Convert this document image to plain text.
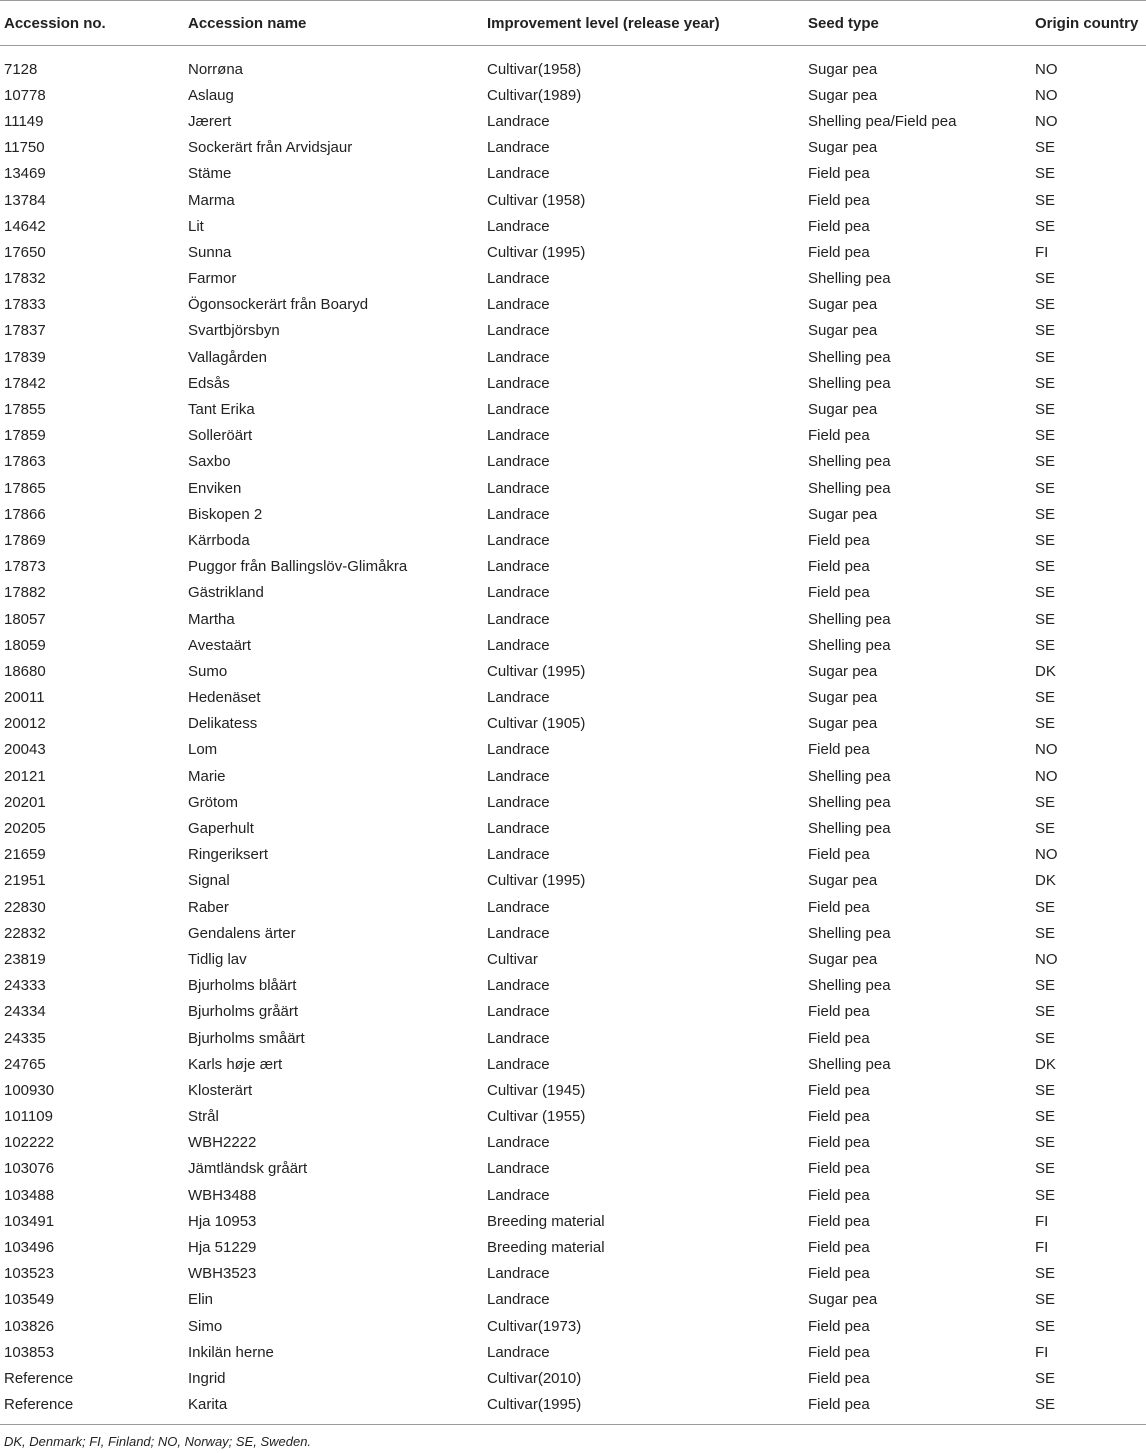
Accession no.	Accession name	Improvement level (release year)	Seed type	Origin country
7128	Norrøna	Cultivar(1958)	Sugar pea	NO
10778	Aslaug	Cultivar(1989)	Sugar pea	NO
11149	Jærert	Landrace	Shelling pea/Field pea	NO
11750	Sockerärt från Arvidsjaur	Landrace	Sugar pea	SE
13469	Stäme	Landrace	Field pea	SE
13784	Marma	Cultivar (1958)	Field pea	SE
14642	Lit	Landrace	Field pea	SE
17650	Sunna	Cultivar (1995)	Field pea	FI
17832	Farmor	Landrace	Shelling pea	SE
17833	Ögonsockerärt från Boaryd	Landrace	Sugar pea	SE
17837	Svartbjörsbyn	Landrace	Sugar pea	SE
17839	Vallagården	Landrace	Shelling pea	SE
17842	Edsås	Landrace	Shelling pea	SE
17855	Tant Erika	Landrace	Sugar pea	SE
17859	Solleröärt	Landrace	Field pea	SE
17863	Saxbo	Landrace	Shelling pea	SE
17865	Enviken	Landrace	Shelling pea	SE
17866	Biskopen 2	Landrace	Sugar pea	SE
17869	Kärrboda	Landrace	Field pea	SE
17873	Puggor från Ballingslöv-Glimåkra	Landrace	Field pea	SE
17882	Gästrikland	Landrace	Field pea	SE
18057	Martha	Landrace	Shelling pea	SE
18059	Avestaärt	Landrace	Shelling pea	SE
18680	Sumo	Cultivar (1995)	Sugar pea	DK
20011	Hedenäset	Landrace	Sugar pea	SE
20012	Delikatess	Cultivar (1905)	Sugar pea	SE
20043	Lom	Landrace	Field pea	NO
20121	Marie	Landrace	Shelling pea	NO
20201	Grötom	Landrace	Shelling pea	SE
20205	Gaperhult	Landrace	Shelling pea	SE
21659	Ringeriksert	Landrace	Field pea	NO
21951	Signal	Cultivar (1995)	Sugar pea	DK
22830	Raber	Landrace	Field pea	SE
22832	Gendalens ärter	Landrace	Shelling pea	SE
23819	Tidlig lav	Cultivar	Sugar pea	NO
24333	Bjurholms blåärt	Landrace	Shelling pea	SE
24334	Bjurholms gråärt	Landrace	Field pea	SE
24335	Bjurholms småärt	Landrace	Field pea	SE
24765	Karls høje ært	Landrace	Shelling pea	DK
100930	Klosterärt	Cultivar (1945)	Field pea	SE
101109	Strål	Cultivar (1955)	Field pea	SE
102222	WBH2222	Landrace	Field pea	SE
103076	Jämtländsk gråärt	Landrace	Field pea	SE
103488	WBH3488	Landrace	Field pea	SE
103491	Hja 10953	Breeding material	Field pea	FI
103496	Hja 51229	Breeding material	Field pea	FI
103523	WBH3523	Landrace	Field pea	SE
103549	Elin	Landrace	Sugar pea	SE
103826	Simo	Cultivar(1973)	Field pea	SE
103853	Inkilän herne	Landrace	Field pea	FI
Reference	Ingrid	Cultivar(2010)	Field pea	SE
Reference	Karita	Cultivar(1995)	Field pea	SE
DK, Denmark; FI, Finland; NO, Norway; SE, Sweden.
